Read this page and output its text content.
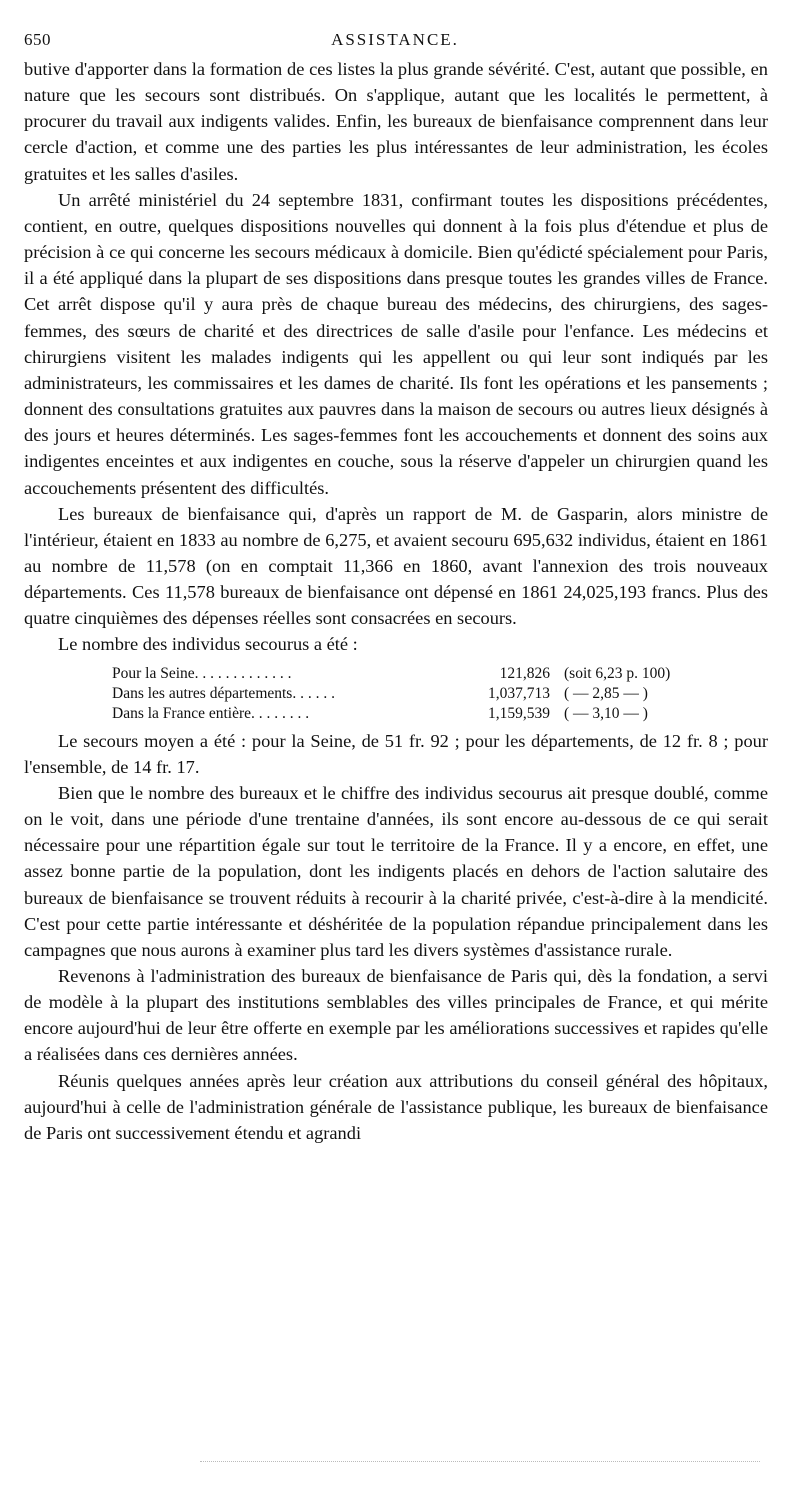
650	ASSISTANCE.

butive d'apporter dans la formation de ces listes la plus grande sévérité. C'est, autant que possible, en nature que les secours sont distribués. On s'applique, autant que les localités le permettent, à procurer du travail aux indigents valides. Enfin, les bureaux de bienfaisance comprennent dans leur cercle d'action, et comme une des parties les plus intéressantes de leur administration, les écoles gratuites et les salles d'asiles.

Un arrêté ministériel du 24 septembre 1831, confirmant toutes les dispositions précédentes, contient, en outre, quelques dispositions nouvelles qui donnent à la fois plus d'étendue et plus de précision à ce qui concerne les secours médicaux à domicile. Bien qu'édicté spécialement pour Paris, il a été appliqué dans la plupart de ses dispositions dans presque toutes les grandes villes de France. Cet arrêt dispose qu'il y aura près de chaque bureau des médecins, des chirurgiens, des sages-femmes, des sœurs de charité et des directrices de salle d'asile pour l'enfance. Les médecins et chirurgiens visitent les malades indigents qui les appellent ou qui leur sont indiqués par les administrateurs, les commissaires et les dames de charité. Ils font les opérations et les pansements ; donnent des consultations gratuites aux pauvres dans la maison de secours ou autres lieux désignés à des jours et heures déterminés. Les sages-femmes font les accouchements et donnent des soins aux indigentes enceintes et aux indigentes en couche, sous la réserve d'appeler un chirurgien quand les accouchements présentent des difficultés.

Les bureaux de bienfaisance qui, d'après un rapport de M. de Gasparin, alors ministre de l'intérieur, étaient en 1833 au nombre de 6,275, et avaient secouru 695,632 individus, étaient en 1861 au nombre de 11,578 (on en comptait 11,366 en 1860, avant l'annexion des trois nouveaux départements. Ces 11,578 bureaux de bienfaisance ont dépensé en 1861 24,025,193 francs. Plus des quatre cinquièmes des dépenses réelles sont consacrées en secours.

Le nombre des individus secourus a été :

Pour la Seine. . . . . . . . . . . . .	121,826	(soit 6,23 p. 100)
Dans les autres départements. . . . . .	1,037,713	( — 2,85 — )
Dans la France entière. . . . . . . .	1,159,539	( — 3,10 — )

Le secours moyen a été : pour la Seine, de 51 fr. 92 ; pour les départements, de 12 fr. 8 ; pour l'ensemble, de 14 fr. 17.

Bien que le nombre des bureaux et le chiffre des individus secourus ait presque doublé, comme on le voit, dans une période d'une trentaine d'années, ils sont encore au-dessous de ce qui serait nécessaire pour une répartition égale sur tout le territoire de la France. Il y a encore, en effet, une assez bonne partie de la population, dont les indigents placés en dehors de l'action salutaire des bureaux de bienfaisance se trouvent réduits à recourir à la charité privée, c'est-à-dire à la mendicité. C'est pour cette partie intéressante et déshéritée de la population répandue principalement dans les campagnes que nous aurons à examiner plus tard les divers systèmes d'assistance rurale.

Revenons à l'administration des bureaux de bienfaisance de Paris qui, dès la fondation, a servi de modèle à la plupart des institutions semblables des villes principales de France, et qui mérite encore aujourd'hui de leur être offerte en exemple par les améliorations successives et rapides qu'elle a réalisées dans ces dernières années.

Réunis quelques années après leur création aux attributions du conseil général des hôpitaux, aujourd'hui à celle de l'administration générale de l'assistance publique, les bureaux de bienfaisance de Paris ont successivement étendu et agrandi
